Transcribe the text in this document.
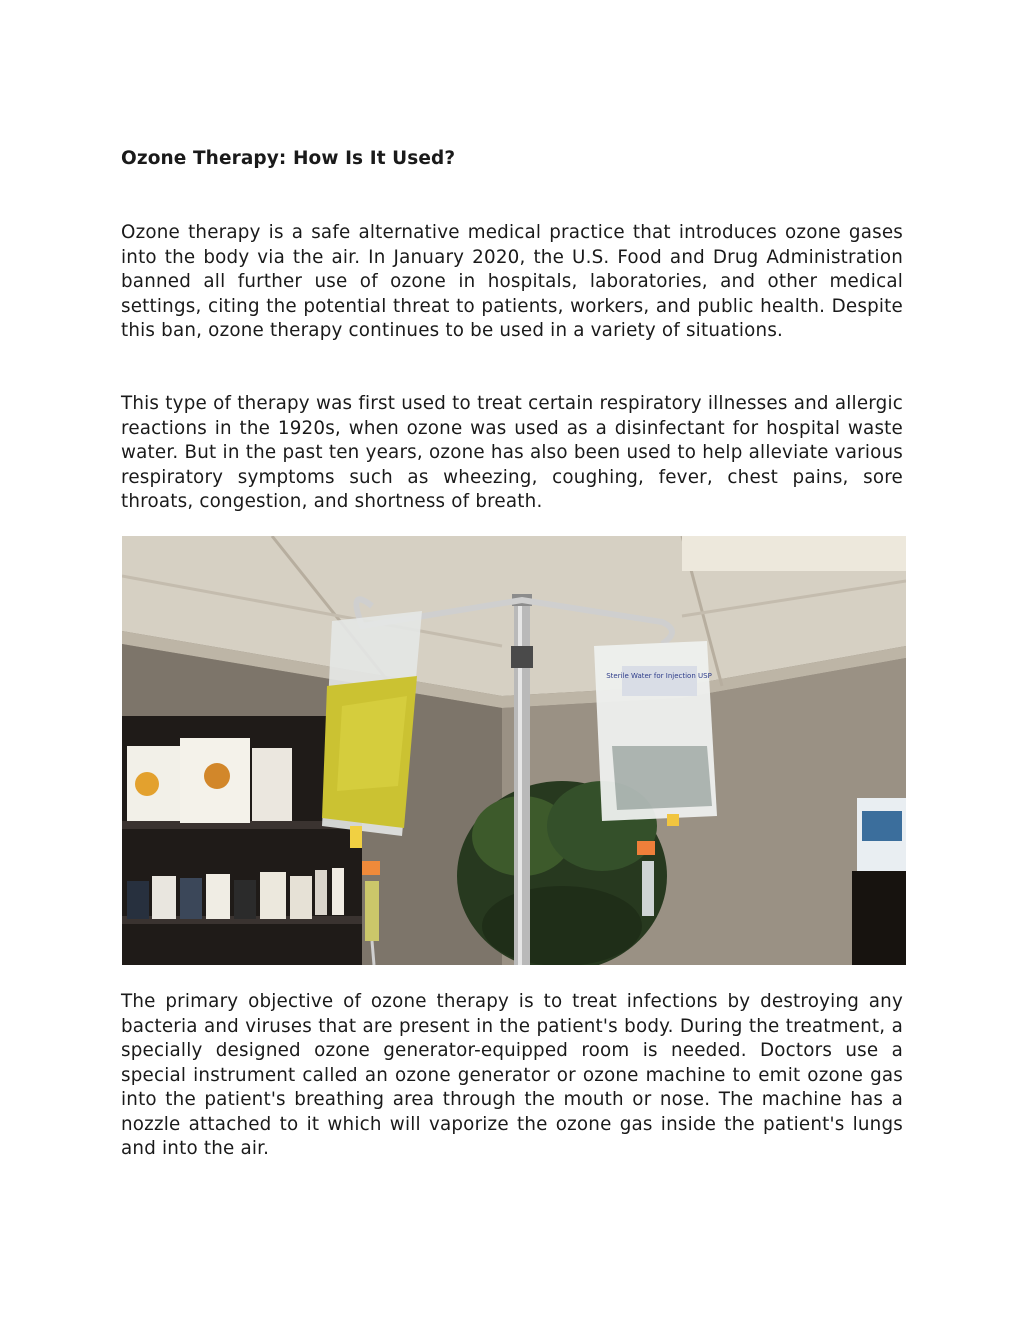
Ozone Therapy: How Is It Used?

Ozone therapy is a safe alternative medical practice that introduces ozone gases into the body via the air. In January 2020, the U.S. Food and Drug Administration banned all further use of ozone in hospitals, laboratories, and other medical settings, citing the potential threat to patients, workers, and public health. Despite this ban, ozone therapy continues to be used in a variety of situations.

This type of therapy was first used to treat certain respiratory illnesses and allergic reactions in the 1920s, when ozone was used as a disinfectant for hospital waste water. But in the past ten years, ozone has also been used to help alleviate various respiratory symptoms such as wheezing, coughing, fever, chest pains, sore throats, congestion, and shortness of breath.

Sterile Water for Injection USP

The primary objective of ozone therapy is to treat infections by destroying any bacteria and viruses that are present in the patient's body. During the treatment, a specially designed ozone generator-equipped room is needed. Doctors use a special instrument called an ozone generator or ozone machine to emit ozone gas into the patient's breathing area through the mouth or nose. The machine has a nozzle attached to it which will vaporize the ozone gas inside the patient's lungs and into the air.
